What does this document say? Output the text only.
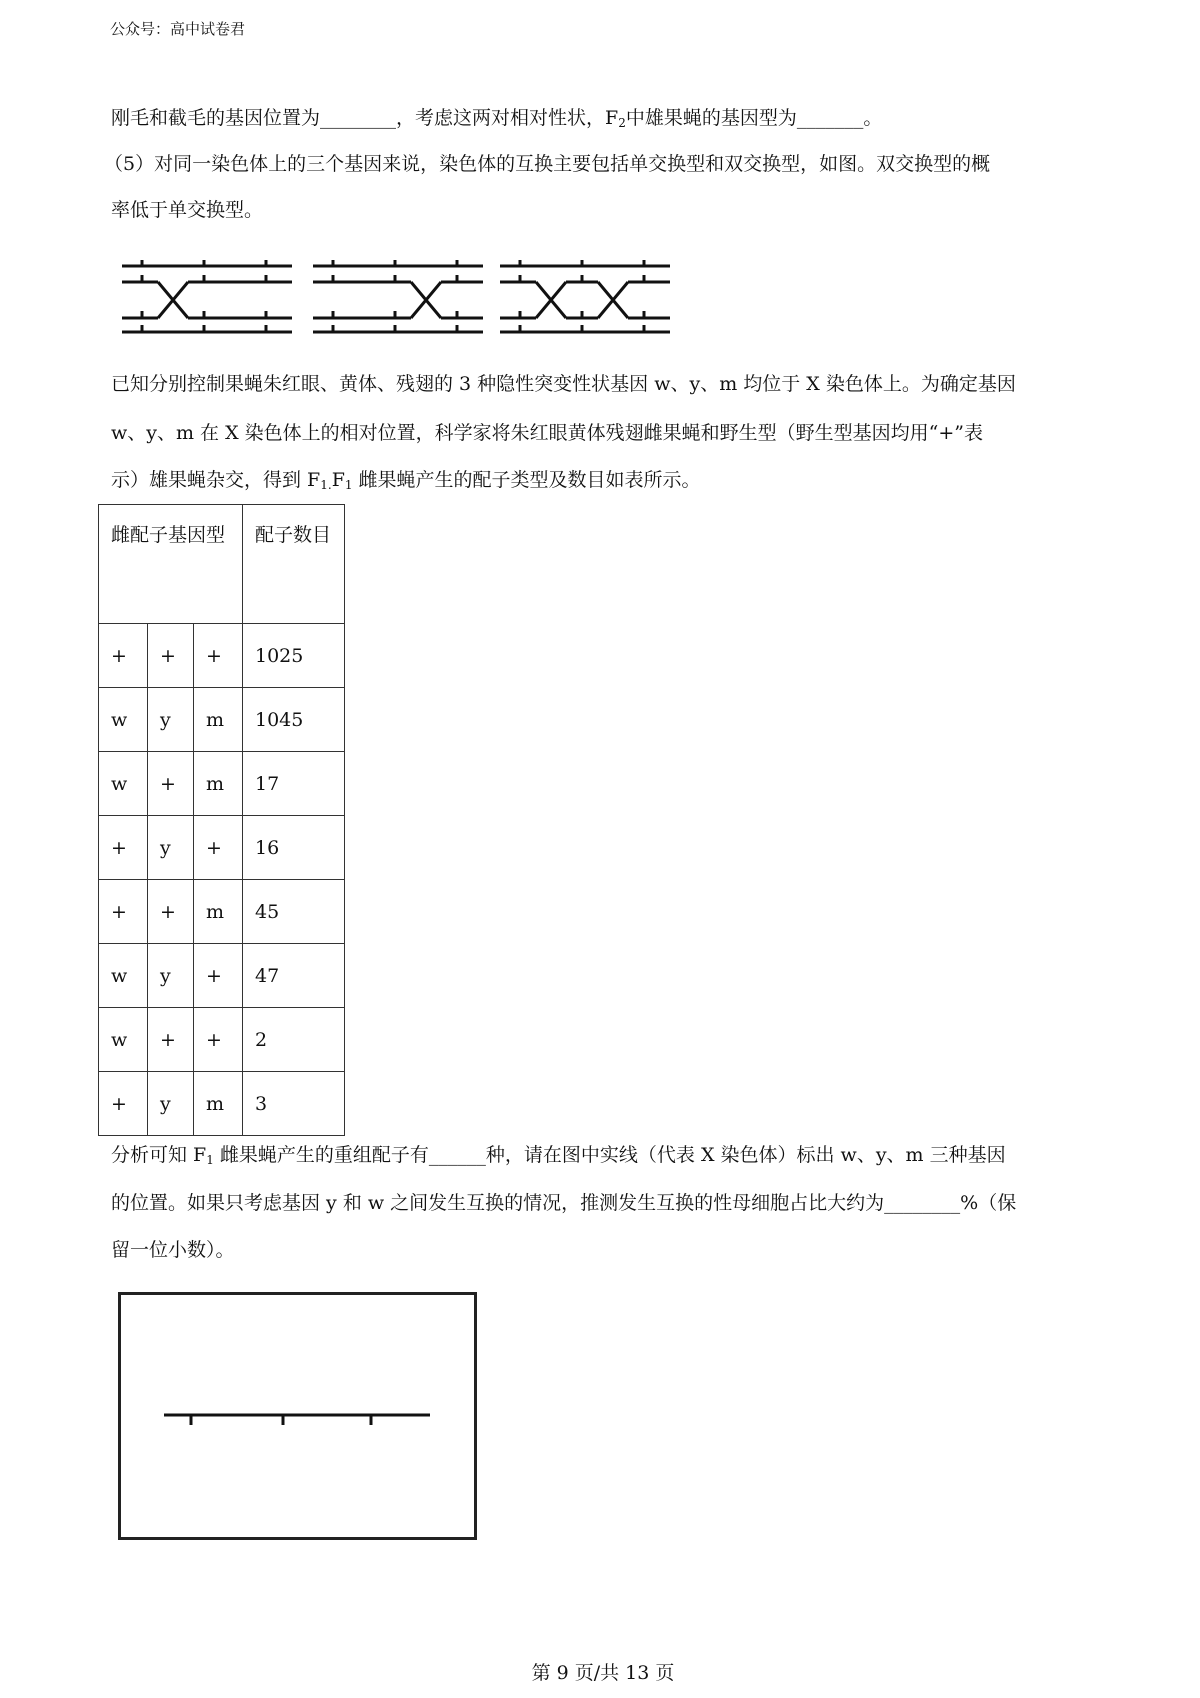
公众号：高中试卷君
刚毛和截毛的基因位置为________，考虑这两对相对性状，$F_2$中雄果蝇的基因型为_______。
（5）对同一染色体上的三个基因来说，染色体的互换主要包括单交换型和双交换型，如图。双交换型的概
率低于单交换型。
已知分别控制果蝇朱红眼、黄体、残翅的 3 种隐性突变性状基因 w、y、m 均位于 X 染色体上。为确定基因
w、y、m 在 X 染色体上的相对位置，科学家将朱红眼黄体残翅雌果蝇和野生型（野生型基因均用“+”表
示）雄果蝇杂交，得到 $F_{1.}F_1$ 雌果蝇产生的配子类型及数目如表所示。
雌配子基因型			配子数目
+	+	+	1025
w	y	m	1045
w	+	m	17
+	y	+	16
+	+	m	45
w	y	+	47
w	+	+	2
+	y	m	3
分析可知 $F_1$ 雌果蝇产生的重组配子有______种，请在图中实线（代表 X 染色体）标出 w、y、m 三种基因
的位置。如果只考虑基因 y 和 w 之间发生互换的情况，推测发生互换的性母细胞占比大约为________%（保
留一位小数）。
第 9 页/共 13 页
